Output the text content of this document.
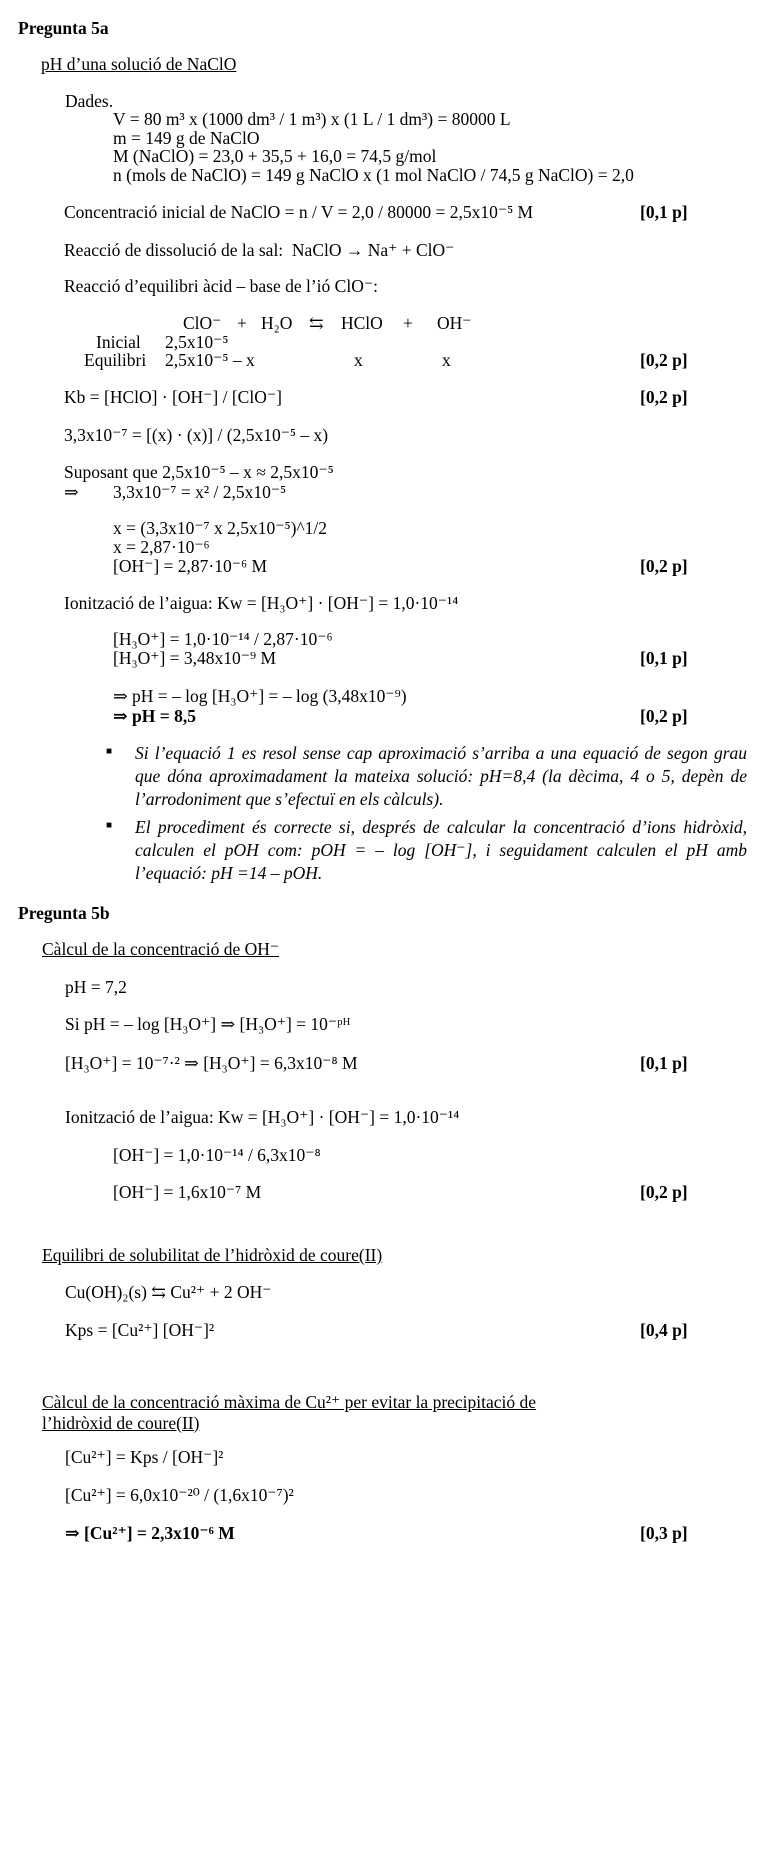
Pregunta 5a
pH d’una solució de NaClO
Dades.
V = 80 m³ x (1000 dm³ / 1 m³) x (1 L / 1 dm³) = 80000 L
m = 149 g de NaClO
M (NaClO) = 23,0 + 35,5 + 16,0 = 74,5 g/mol
n (mols de NaClO) = 149 g NaClO x (1 mol NaClO / 74,5 g NaClO) = 2,0
Concentració inicial de NaClO = n / V = 2,0 / 80000 = 2,5x10⁻⁵ M	[0,1 p]
Reacció de dissolució de la sal: NaClO → Na⁺ + ClO⁻
Reacció d’equilibri àcid – base de l’ió ClO⁻:
ClO⁻ + H₂O ⇆ HClO + OH⁻
Inicial 2,5x10⁻⁵
Equilibri 2,5x10⁻⁵ – x	x	x	[0,2 p]
Kb = [HClO] · [OH⁻] / [ClO⁻]	[0,2 p]
3,3x10⁻⁷ = [(x) · (x)] / (2,5x10⁻⁵ – x)
Suposant que 2,5x10⁻⁵ – x ≈ 2,5x10⁻⁵
⇒ 3,3x10⁻⁷ = x² / 2,5x10⁻⁵
x = (3,3x10⁻⁷ x 2,5x10⁻⁵)^1/2
x = 2,87·10⁻⁶
[OH⁻] = 2,87·10⁻⁶ M	[0,2 p]
Ionització de l’aigua: Kw = [H₃O⁺] · [OH⁻] = 1,0·10⁻¹⁴
[H₃O⁺] = 1,0·10⁻¹⁴ / 2,87·10⁻⁶
[H₃O⁺] = 3,48x10⁻⁹ M	[0,1 p]
⇒ pH = – log [H₃O⁺] = – log (3,48x10⁻⁹)
⇒ pH = 8,5	[0,2 p]
■ Si l’equació 1 es resol sense cap aproximació s’arriba a una equació de segon grau que dóna aproximadament la mateixa solució: pH=8,4 (la dècima, 4 o 5, depèn de l’arrodoniment que s’efectuï en els càlculs).
■ El procediment és correcte si, després de calcular la concentració d’ions hidròxid, calculen el pOH com: pOH = – log [OH⁻], i seguidament calculen el pH amb l’equació: pH =14 – pOH.
Pregunta 5b
Càlcul de la concentració de OH⁻
pH = 7,2
Si pH = – log [H₃O⁺] ⇒ [H₃O⁺] = 10⁻ᵖᴴ
[H₃O⁺] = 10⁻⁷·² ⇒ [H₃O⁺] = 6,3x10⁻⁸ M	[0,1 p]
Ionització de l’aigua: Kw = [H₃O⁺] · [OH⁻] = 1,0·10⁻¹⁴
[OH⁻] = 1,0·10⁻¹⁴ / 6,3x10⁻⁸
[OH⁻] = 1,6x10⁻⁷ M	[0,2 p]
Equilibri de solubilitat de l’hidròxid de coure(II)
Cu(OH)₂(s) ⇆ Cu²⁺ + 2 OH⁻
Kps = [Cu²⁺] [OH⁻]²	[0,4 p]
Càlcul de la concentració màxima de Cu²⁺ per evitar la precipitació de l’hidròxid de coure(II)
[Cu²⁺] = Kps / [OH⁻]²
[Cu²⁺] = 6,0x10⁻²⁰ / (1,6x10⁻⁷)²
⇒ [Cu²⁺] = 2,3x10⁻⁶ M	[0,3 p]
